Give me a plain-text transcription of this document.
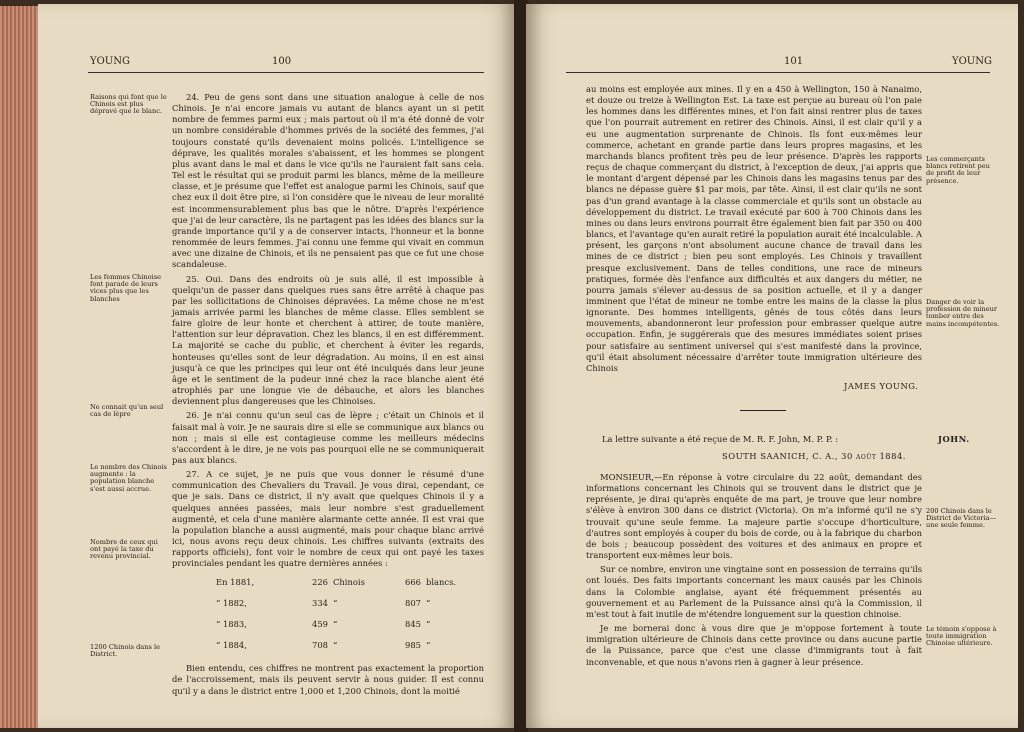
YOUNG	100
Raisons qui font que le Chinois est plus dépravé que le blanc.
Les femmes Chinoise font parade de leurs vices plus que les blanches
Ne connait qu'un seul cas de lèpre
Le nombre des Chinois augmente : la population blanche s'est aussi accrue.
Nombre de ceux qui ont payé la taxe du revenu provincial.
1200 Chinois dans le District.

24. Peu de gens sont dans une situation analogue à celle de nos Chinois. Je n'ai encore jamais vu autant de blancs ayant un si petit nombre de femmes parmi eux ; mais partout où il m'a été donné de voir un nombre considérable d'hommes privés de la société des femmes, j'ai toujours constaté qu'ils devenaient moins policés. L'intelligence se déprave, les qualités morales s'abaissent, et les hommes se plongent plus avant dans le mal et dans le vice qu'ils ne l'auraient fait sans cela. Tel est le résultat qui se produit parmi les blancs, même de la meilleure classe, et je présume que l'effet est analogue parmi les Chinois, sauf que chez eux il doit être pire, si l'on considère que le niveau de leur moralité est incommensurablement plus bas que le nôtre. D'après l'expérience que j'ai de leur caractère, ils ne partagent pas les idées des blancs sur la grande importance qu'il y a de conserver intacts, l'honneur et la bonne renommée de leurs femmes. J'ai connu une femme qui vivait en commun avec une dizaine de Chinois, et ils ne pensaient pas que ce fut une chose scandaleuse.

25. Oui. Dans des endroits où je suis allé, il est impossible à quelqu'un de passer dans quelques rues sans être arrêté à chaque pas par les sollicitations de Chinoises dépravées. La même chose ne m'est jamais arrivée parmi les blanches de même classe. Elles semblent se faire gloire de leur honte et cherchent à attirer, de toute manière, l'attention sur leur dépravation. Chez les blancs, il en est différemment. La majorité se cache du public, et cherchent à éviter les regards, honteuses qu'elles sont de leur dégradation. Au moins, il en est ainsi jusqu'à ce que les principes qui leur ont été inculqués dans leur jeune âge et le sentiment de la pudeur inné chez la race blanche aient été atrophiés par une longue vie de débauche, et alors les blanches deviennent plus dangereuses que les Chinoises.

26. Je n'ai connu qu'un seul cas de lèpre ; c'était un Chinois et il faisait mal à voir. Je ne saurais dire si elle se communique aux blancs ou non ; mais si elle est contagieuse comme les meilleurs médecins s'accordent à le dire, je ne vois pas pourquoi elle ne se communiquerait pas aux blancs.

27. A ce sujet, je ne puis que vous donner le résumé d'une communication des Chevaliers du Travail. Je vous dirai, cependant, ce que je sais. Dans ce district, il n'y avait que quelques Chinois il y a quelques années passées, mais leur nombre s'est graduellement augmenté, et cela d'une manière alarmante cette année. Il est vrai que la population blanche a aussi augmenté, mais pour chaque blanc arrivé ici, nous avons reçu deux chinois. Les chiffres suivants (extraits des rapports officiels), font voir le nombre de ceux qui ont payé les taxes provinciales pendant les quatre dernières années :

En 1881,	226	Chinois	666	blancs.
“ 1882,	334	“	807	“
“ 1883,	459	“	845	“
“ 1884,	708	“	985	“

Bien entendu, ces chiffres ne montrent pas exactement la proportion de l'accroissement, mais ils peuvent servir à nous guider. Il est connu qu'il y a dans le district entre 1,000 et 1,200 Chinois, dont la moitié

101	YOUNG

au moins est employée aux mines. Il y en a 450 à Wellington, 150 à Nanaimo, et douze ou treize à Wellington Est. La taxe est perçue au bureau où l'on paie les hommes dans les différentes mines, et l'on fait ainsi rentrer plus de taxes que l'on pourrait autrement en retirer des Chinois. Ainsi, il est clair qu'il y a eu une augmentation surprenante de Chinois. Ils font eux-mêmes leur commerce, achetant en grande partie dans leurs propres magasins, et les marchands blancs profitent très peu de leur présence. D'après les rapports reçus de chaque commerçant du district, à l'exception de deux, j'ai appris que le montant d'argent dépensé par les Chinois dans les magasins tenus par des blancs ne dépasse guère $1 par mois, par tête. Ainsi, il est clair qu'ils ne sont pas d'un grand avantage à la classe commerciale et qu'ils sont un obstacle au développement du district. Le travail exécuté par 600 à 700 Chinois dans les mines ou dans leurs environs pourrait être également bien fait par 350 ou 400 blancs, et l'avantage qu'en aurait retiré la population aurait été incalculable. A présent, les garçons n'ont absolument aucune chance de travail dans les mines de ce district ; bien peu sont employés. Les Chinois y travaillent presque exclusivement. Dans de telles conditions, une race de mineurs pratiques, formée dès l'enfance aux difficultés et aux dangers du métier, ne pourra jamais s'élever au-dessus de sa position actuelle, et il y a danger imminent que l'état de mineur ne tombe entre les mains de la classe la plus ignorante. Des hommes intelligents, gênés de tous côtés dans leurs mouvements, abandonneront leur profession pour embrasser quelque autre occupation. Enfin, je suggérerais que des mesures immédiates soient prises pour satisfaire au sentiment universel qui s'est manifesté dans la province, qu'il était absolument nécessaire d'arrêter toute immigration ultérieure des Chinois

JAMES YOUNG.
La lettre suivante a été reçue de M. R. F. John, M. P. P. :	JOHN.
SOUTH SAANICH, C. A., 30 août 1884.

MONSIEUR,—En réponse à votre circulaire du 22 août, demandant des informations concernant les Chinois qui se trouvent dans le district que je représente, je dirai qu'après enquête de ma part, je trouve que leur nombre s'élève à environ 300 dans ce district (Victoria). On m'a informé qu'il ne s'y trouvait qu'une seule femme. La majeure partie s'occupe d'horticulture, d'autres sont employés à couper du bois de corde, ou à la fabrique du charbon de bois ; beaucoup possèdent des voitures et des animaux en propre et transportent eux-mêmes leur bois.

Sur ce nombre, environ une vingtaine sont en possession de terrains qu'ils ont loués. Des faits importants concernant les maux causés par les Chinois dans la Colombie anglaise, ayant été fréquemment présentés au gouvernement et au Parlement de la Puissance ainsi qu'à la Commission, il m'est tout à fait inutile de m'étendre longuement sur la question chinoise.

Je me bornerai donc à vous dire que je m'oppose fortement à toute immigration ultérieure de Chinois dans cette province ou dans aucune partie de la Puissance, parce que c'est une classe d'immigrants tout à fait inconvenable, et que nous n'avons rien à gagner à leur présence.

Les commerçants blancs retirent peu de profit de leur présence.
Danger de voir la profession de mineur tomber entre des mains incompétentes.
200 Chinois dans le District de Victoria—une seule femme.
Le témoin s'oppose à toute immigration Chinoise ultérieure.
